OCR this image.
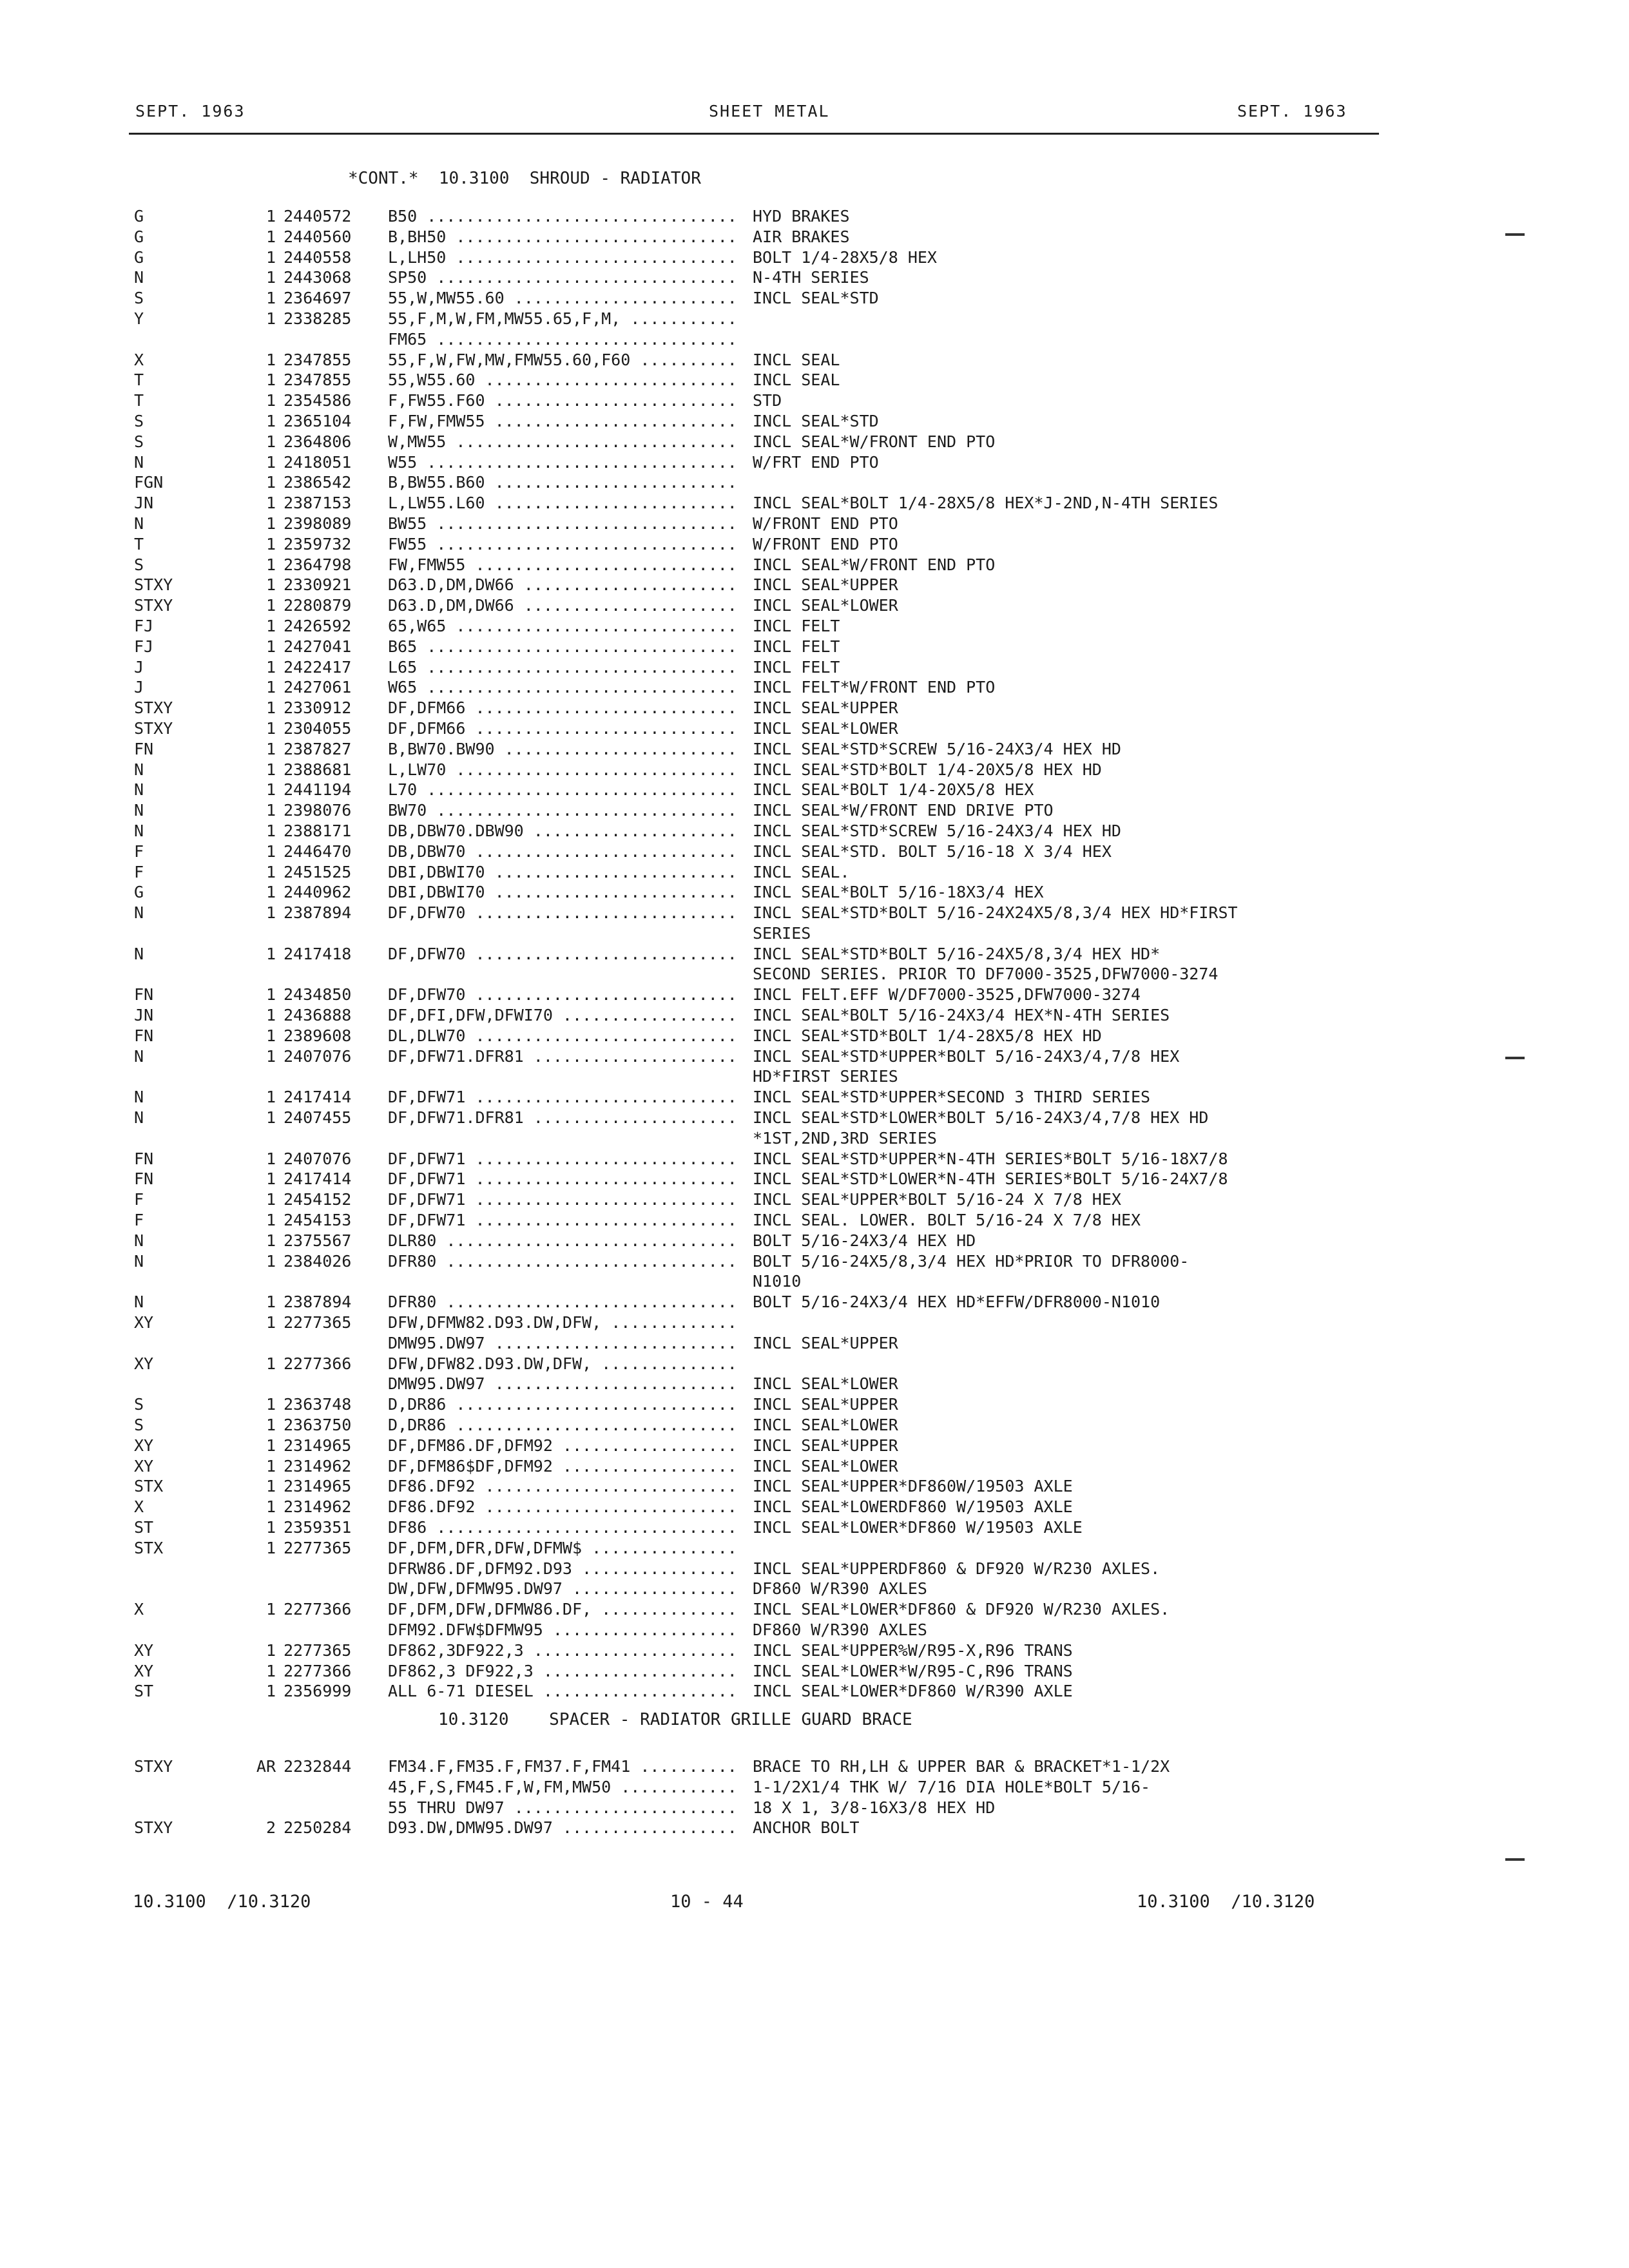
SEPT. 1963	SHEET METAL	SEPT. 1963
*CONT.*  10.3100  SHROUD - RADIATOR
G	1 2440572 B50 .....	HYD BRAKES
G	1 2440560 B,BH50 .....	AIR BRAKES
G	1 2440558 L,LH50 .....	BOLT 1/4-28X5/8 HEX
N	1 2443068 SP50 .....	N-4TH SERIES
S	1 2364697 55,W,MW55.60 .....	INCL SEAL*STD
Y	1 2338285 55,F,M,W,FM,MW55.65,F,M, .....
FM65 .....
X	1 2347855 55,F,W,FW,MW,FMW55.60,F60 .....	INCL SEAL
T	1 2347855 55,W55.60 .....	INCL SEAL
T	1 2354586 F,FW55.F60 .....	STD
S	1 2365104 F,FW,FMW55 .....	INCL SEAL*STD
S	1 2364806 W,MW55 .....	INCL SEAL*W/FRONT END PTO
N	1 2418051 W55 .....	W/FRT END PTO
FGN	1 2386542 B,BW55.B60 .....
JN	1 2387153 L,LW55.L60 .....	INCL SEAL*BOLT 1/4-28X5/8 HEX*J-2ND,N-4TH SERIES
N	1 2398089 BW55 .....	W/FRONT END PTO
T	1 2359732 FW55 .....	W/FRONT END PTO
S	1 2364798 FW,FMW55 .....	INCL SEAL*W/FRONT END PTO
STXY	1 2330921 D63.D,DM,DW66 .....	INCL SEAL*UPPER
STXY	1 2280879 D63.D,DM,DW66 .....	INCL SEAL*LOWER
FJ	1 2426592 65,W65 .....	INCL FELT
FJ	1 2427041 B65 .....	INCL FELT
J	1 2422417 L65 .....	INCL FELT
J	1 2427061 W65 .....	INCL FELT*W/FRONT END PTO
STXY	1 2330912 DF,DFM66 .....	INCL SEAL*UPPER
STXY	1 2304055 DF,DFM66 .....	INCL SEAL*LOWER
FN	1 2387827 B,BW70.BW90 .....	INCL SEAL*STD*SCREW 5/16-24X3/4 HEX HD
N	1 2388681 L,LW70 .....	INCL SEAL*STD*BOLT 1/4-20X5/8 HEX HD
N	1 2441194 L70 .....	INCL SEAL*BOLT 1/4-20X5/8 HEX
N	1 2398076 BW70 .....	INCL SEAL*W/FRONT END DRIVE PTO
N	1 2388171 DB,DBW70.DBW90 .....	INCL SEAL*STD*SCREW 5/16-24X3/4 HEX HD
F	1 2446470 DB,DBW70 .....	INCL SEAL*STD. BOLT 5/16-18 X 3/4 HEX
F	1 2451525 DBI,DBWI70 .....	INCL SEAL.
G	1 2440962 DBI,DBWI70 .....	INCL SEAL*BOLT 5/16-18X3/4 HEX
N	1 2387894 DF,DFW70 .....	INCL SEAL*STD*BOLT 5/16-24X24X5/8,3/4 HEX HD*FIRST
SERIES
N	1 2417418 DF,DFW70 .....	INCL SEAL*STD*BOLT 5/16-24X5/8,3/4 HEX HD*
SECOND SERIES. PRIOR TO DF7000-3525,DFW7000-3274
FN	1 2434850 DF,DFW70 .....	INCL FELT.EFF W/DF7000-3525,DFW7000-3274
JN	1 2436888 DF,DFI,DFW,DFWI70 .....	INCL SEAL*BOLT 5/16-24X3/4 HEX*N-4TH SERIES
FN	1 2389608 DL,DLW70 .....	INCL SEAL*STD*BOLT 1/4-28X5/8 HEX HD
N	1 2407076 DF,DFW71.DFR81 .....	INCL SEAL*STD*UPPER*BOLT 5/16-24X3/4,7/8 HEX
HD*FIRST SERIES
N	1 2417414 DF,DFW71 .....	INCL SEAL*STD*UPPER*SECOND 3 THIRD SERIES
N	1 2407455 DF,DFW71.DFR81 .....	INCL SEAL*STD*LOWER*BOLT 5/16-24X3/4,7/8 HEX HD
*1ST,2ND,3RD SERIES
FN	1 2407076 DF,DFW71 .....	INCL SEAL*STD*UPPER*N-4TH SERIES*BOLT 5/16-18X7/8
FN	1 2417414 DF,DFW71 .....	INCL SEAL*STD*LOWER*N-4TH SERIES*BOLT 5/16-24X7/8
F	1 2454152 DF,DFW71 .....	INCL SEAL*UPPER*BOLT 5/16-24 X 7/8 HEX
F	1 2454153 DF,DFW71 .....	INCL SEAL. LOWER. BOLT 5/16-24 X 7/8 HEX
N	1 2375567 DLR80 .....	BOLT 5/16-24X3/4 HEX HD
N	1 2384026 DFR80 .....	BOLT 5/16-24X5/8,3/4 HEX HD*PRIOR TO DFR8000-
N1010
N	1 2387894 DFR80 .....	BOLT 5/16-24X3/4 HEX HD*EFFW/DFR8000-N1010
XY	1 2277365 DFW,DFMW82.D93.DW,DFW, .....
DMW95.DW97 .....	INCL SEAL*UPPER
XY	1 2277366 DFW,DFW82.D93.DW,DFW, .....
DMW95.DW97 .....	INCL SEAL*LOWER
S	1 2363748 D,DR86 .....	INCL SEAL*UPPER
S	1 2363750 D,DR86 .....	INCL SEAL*LOWER
XY	1 2314965 DF,DFM86.DF,DFM92 .....	INCL SEAL*UPPER
XY	1 2314962 DF,DFM86$DF,DFM92 .....	INCL SEAL*LOWER
STX	1 2314965 DF86.DF92 .....	INCL SEAL*UPPER*DF860W/19503 AXLE
X	1 2314962 DF86.DF92 .....	INCL SEAL*LOWERDF860 W/19503 AXLE
ST	1 2359351 DF86 .....	INCL SEAL*LOWER*DF860 W/19503 AXLE
STX	1 2277365 DF,DFM,DFR,DFW,DFMW$ .....
DFRW86.DF,DFM92.D93 .....	INCL SEAL*UPPERDF860 & DF920 W/R230 AXLES.
DW,DFW,DFMW95.DW97 .....	DF860 W/R390 AXLES
X	1 2277366 DF,DFM,DFW,DFMW86.DF, .....	INCL SEAL*LOWER*DF860 & DF920 W/R230 AXLES.
DFM92.DFW$DFMW95 .....	DF860 W/R390 AXLES
XY	1 2277365 DF862,3DF922,3 .....	INCL SEAL*UPPER%W/R95-X,R96 TRANS
XY	1 2277366 DF862,3 DF922,3 .....	INCL SEAL*LOWER*W/R95-C,R96 TRANS
ST	1 2356999 ALL 6-71 DIESEL .....	INCL SEAL*LOWER*DF860 W/R390 AXLE
10.3120    SPACER - RADIATOR GRILLE GUARD BRACE
STXY	AR 2232844 FM34.F,FM35.F,FM37.F,FM41 .....	BRACE TO RH,LH & UPPER BAR & BRACKET*1-1/2X
45,F,S,FM45.F,W,FM,MW50 .....	1-1/2X1/4 THK W/ 7/16 DIA HOLE*BOLT 5/16-
55 THRU DW97 .....	18 X 1, 3/8-16X3/8 HEX HD
STXY	2 2250284 D93.DW,DMW95.DW97 .....	ANCHOR BOLT
10.3100  /10.3120	10 - 44	10.3100  /10.3120
